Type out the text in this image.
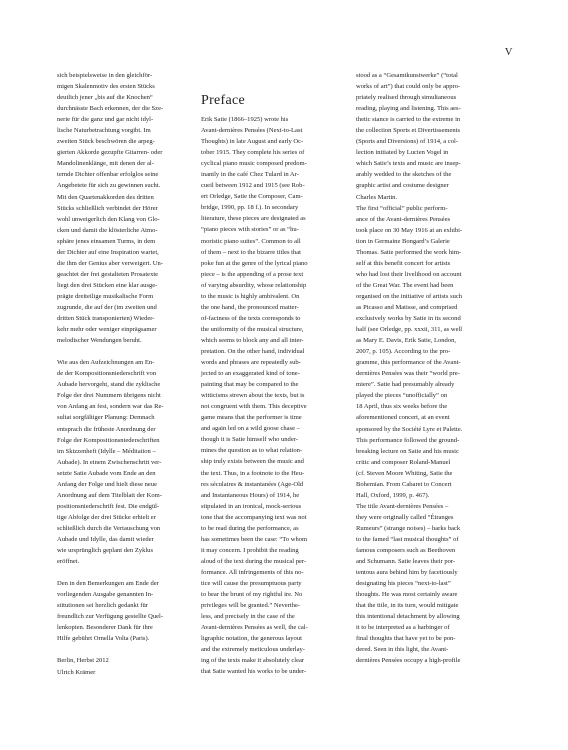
V

sich beispielsweise in den gleichför-

migen Skalenmotiv des ersten Stücks

deutlich jener „bis auf die Knochen“

durchnässte Bach erkennen, der die Sze-

nerie für die ganz und gar nicht idyl-

lische Naturbetrachtung vorgibt. Im

zweiten Stück beschwören die arpeg-

gierten Akkorde gezupfte Gitarren- oder

Mandolinenklänge, mit denen der al-

ternde Dichter offenbar erfolglos seine

Angebetete für sich zu gewinnen sucht.

Mit den Quartenakkorden des dritten

Stücks schließlich verbindet der Hörer

wohl unweigerlich den Klang von Glo-

cken und damit die klösterliche Atmo-

sphäre jenes einsamen Turms, in dem

der Dichter auf eine Inspiration wartet,

die ihm der Genius aber verweigert. Un-

geachtet der frei gestalteten Prosatexte

liegt den drei Stücken eine klar ausge-

prägte dreiteilige musikalische Form

zugrunde, die auf der (im zweiten und

dritten Stück transponierten) Wieder-

kehr mehr oder weniger einprägsamer

melodischer Wendungen beruht.

Wie aus den Aufzeichnungen am En-

de der Kompositionsniederschrift von

Aubade hervorgeht, stand die zyklische

Folge der drei Nummern übrigens nicht

von Anfang an fest, sondern war das Re-

sultat sorgfältiger Planung: Demnach

entsprach die früheste Anordnung der

Folge der Kompositionsniederschriften

im Skizzenheft (Idylle – Méditation –

Aubade). In einem Zwischenschritt ver-

setzte Satie Aubade vom Ende an den

Anfang der Folge und hielt diese neue

Anordnung auf dem Titelblatt der Kom-

positionsniederschrift fest. Die endgül-

tige Abfolge der drei Stücke erhielt er

schließlich durch die Vertauschung von

Aubade und Idylle, das damit wieder

wie ursprünglich geplant den Zyklus

eröffnet.

Den in den Bemerkungen am Ende der

vorliegenden Ausgabe genannten In-

stitutionen sei herzlich gedankt für

freundlich zur Verfügung gestellte Quel-

lenkopien. Besonderer Dank für ihre

Hilfe gebührt Ornella Volta (Paris).

Berlin, Herbst 2012

Ulrich Krämer

Preface

Erik Satie (1866–1925) wrote his

Avant-dernières Pensées (Next-to-Last

Thoughts) in late August and early Oc-

tober 1915. They complete his series of

cyclical piano music composed predom-

inantly in the café Chez Tulard in Ar-

cueil between 1912 and 1915 (see Rob-

ert Orledge, Satie the Composer, Cam-

bridge, 1990, pp. 18 f.). In secondary

literature, these pieces are designated as

“piano pieces with stories” or as “hu-

moristic piano suites”. Common to all

of them – next to the bizarre titles that

poke fun at the genre of the lyrical piano

piece – is the appending of a prose text

of varying absurdity, whose relationship

to the music is highly ambivalent. On

the one hand, the pronounced matter-

of-factness of the texts corresponds to

the uniformity of the musical structure,

which seems to block any and all inter-

pretation. On the other hand, individual

words and phrases are repeatedly sub-

jected to an exaggerated kind of tone-

painting that may be compared to the

witticisms strewn about the texts, but is

not congruent with them. This deceptive

game means that the performer is time

and again led on a wild goose chase –

though it is Satie himself who under-

mines the question as to what relation-

ship truly exists between the music and

the text. Thus, in a footnote to the Heu-

res séculaires & instantanées (Age-Old

and Instantaneous Hours) of 1914, he

stipulated in an ironical, mock-serious

tone that the accompanying text was not

to be read during the performance, as

has sometimes been the case: “To whom

it may concern. I prohibit the reading

aloud of the text during the musical per-

formance. All infringements of this no-

tice will cause the presumptuous party

to bear the brunt of my rightful ire. No

privileges will be granted.” Neverthe-

less, and precisely in the case of the

Avant-dernières Pensées as well, the cal-

ligraphic notation, the generous layout

and the extremely meticulous underlay-

ing of the texts make it absolutely clear

that Satie wanted his works to be under-

stood as a “Gesamtkunstwerke” (“total

works of art”) that could only be appro-

priately realised through simultaneous

reading, playing and listening. This aes-

thetic stance is carried to the extreme in

the collection Sports et Divertissements

(Sports and Diversions) of 1914, a col-

lection initiated by Lucien Vogel in

which Satie’s texts and music are insep-

arably wedded to the sketches of the

graphic artist and costume designer

Charles Martin.

The first “official” public perform-

ance of the Avant-dernières Pensées

took place on 30 May 1916 at an exhibi-

tion in Germaine Bongard’s Galerie

Thomas. Satie performed the work him-

self at this benefit concert for artists

who had lost their livelihood on account

of the Great War. The event had been

organised on the initiative of artists such

as Picasso and Matisse, and comprised

exclusively works by Satie in its second

half (see Orledge, pp. xxxii, 311, as well

as Mary E. Davis, Erik Satie, London,

2007, p. 105). According to the pro-

gramme, this performance of the Avant-

dernières Pensées was their “world pre-

miere”. Satie had presumably already

played the pieces “unofficially” on

18 April, thus six weeks before the

aforementioned concert, at an event

sponsored by the Société Lyre et Palette.

This performance followed the ground-

breaking lecture on Satie and his music

critic and composer Roland-Manuel

(cf. Steven Moore Whiting, Satie the

Bohemian. From Cabaret to Concert

Hall, Oxford, 1999, p. 467).

The title Avant-dernières Pensées –

they were originally called “Étranges

Rumeurs” (strange noises) – harks back

to the famed “last musical thoughts” of

famous composers such as Beethoven

and Schumann. Satie leaves their por-

tentous aura behind him by facetiously

designating his pieces “next-to-last”

thoughts. He was most certainly aware

that the title, in its turn, would mitigate

this intentional detachment by allowing

it to be interpreted as a harbinger of

final thoughts that have yet to be pon-

dered. Seen in this light, the Avant-

dernières Pensées occupy a high-profile
